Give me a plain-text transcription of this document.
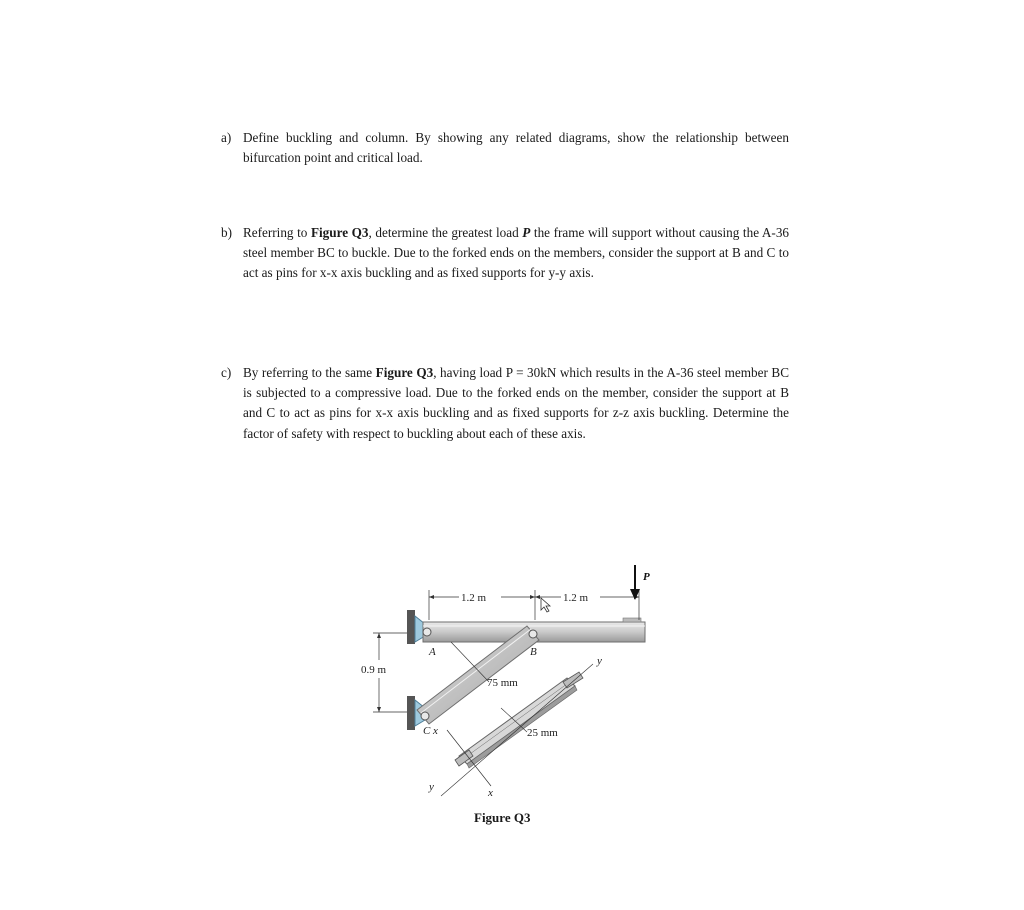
a) Define buckling and column. By showing any related diagrams, show the relationship between bifurcation point and critical load.
b) Referring to Figure Q3, determine the greatest load P the frame will support without causing the A-36 steel member BC to buckle. Due to the forked ends on the members, consider the support at B and C to act as pins for x-x axis buckling and as fixed supports for y-y axis.
c) By referring to the same Figure Q3, having load P = 30kN which results in the A-36 steel member BC is subjected to a compressive load. Due to the forked ends on the member, consider the support at B and C to act as pins for x-x axis buckling and as fixed supports for z-z axis buckling. Determine the factor of safety with respect to buckling about each of these axis.
1.2 m	1.2 m
P
0.9 m
A	B
C x
x
y
y
75 mm
25 mm
Figure Q3
